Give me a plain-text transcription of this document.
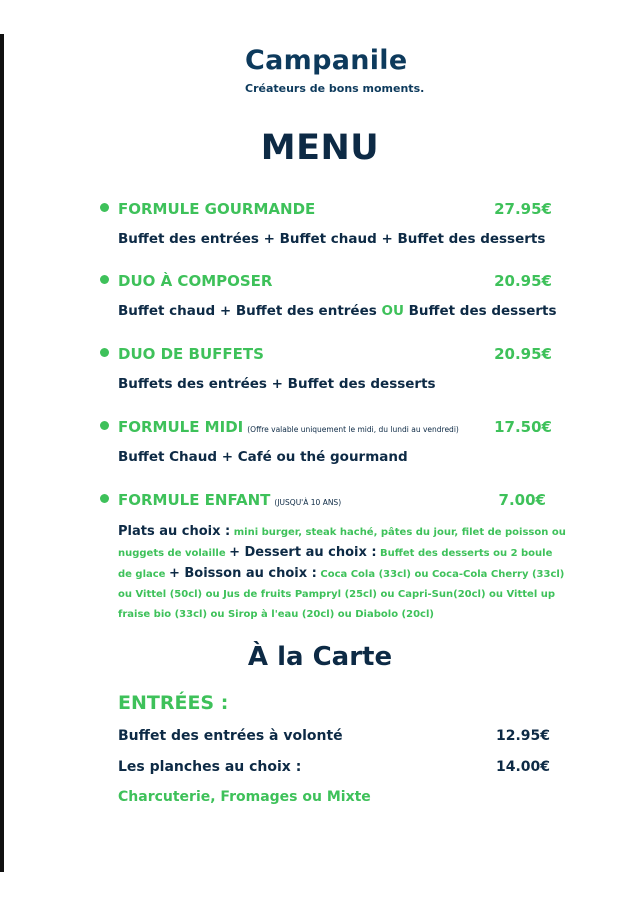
Campanile
Créateurs de bons moments.
MENU
FORMULE GOURMANDE	27.95€
Buffet des entrées + Buffet chaud + Buffet des desserts
DUO À COMPOSER	20.95€
Buffet chaud + Buffet des entrées OU Buffet des desserts
DUO DE BUFFETS	20.95€
Buffets des entrées + Buffet des desserts
FORMULE MIDI (Offre valable uniquement le midi, du lundi au vendredi) 17.50€
Buffet Chaud + Café ou thé gourmand
FORMULE ENFANT (JUSQU'À 10 ANS)	7.00€
Plats au choix : mini burger, steak haché, pâtes du jour, filet de poisson ou nuggets de volaille + Dessert au choix : Buffet des desserts ou 2 boule de glace + Boisson au choix : Coca Cola (33cl) ou Coca-Cola Cherry (33cl) ou Vittel (50cl) ou Jus de fruits Pampryl (25cl) ou Capri-Sun(20cl) ou Vittel up fraise bio (33cl) ou Sirop à l'eau (20cl) ou Diabolo (20cl)
À la Carte
ENTRÉES :
Buffet des entrées à volonté	12.95€
Les planches au choix :	14.00€
Charcuterie, Fromages ou Mixte
